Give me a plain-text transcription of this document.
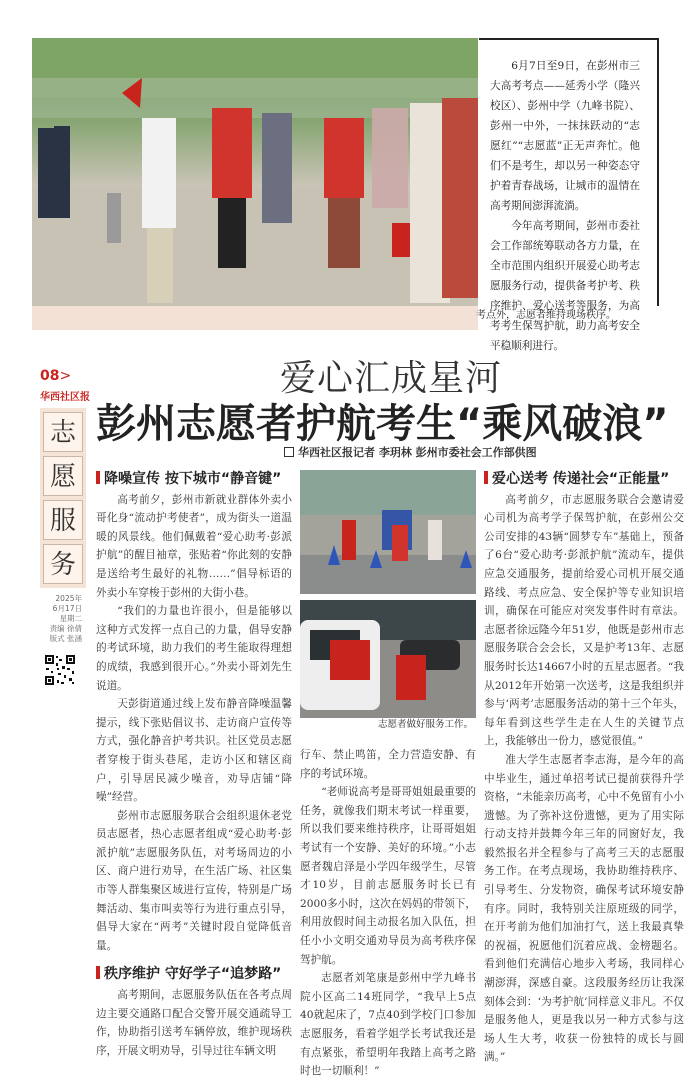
6月7日至9日，在彭州市三大高考考点——延秀小学（隆兴校区）、彭州中学（九峰书院）、彭州一中外，一抹抹跃动的“志愿红”“志愿蓝”正无声奔忙。他们不是考生，却以另一种姿态守护着青春战场，让城市的温情在高考期间澎湃流淌。

今年高考期间，彭州市委社会工作部统筹联动各方力量，在全市范围内组织开展爱心助考志愿服务行动，提供备考护考、秩序维护、爱心送考等服务，为高考考生保驾护航，助力高考安全平稳顺利进行。

考点外，志愿者维持现场秩序。
08>
华西社区报
志
愿
服
务
2025年
6月17日
星期二
责编 徐倩
版式 张涵
爱心汇成星河
彭州志愿者护航考生“乘风破浪”
华西社区报记者 李玥林 彭州市委社会工作部供图
降噪宣传 按下城市“静音键”

高考前夕，彭州市新就业群体外卖小哥化身“流动护考使者”，成为街头一道温暖的风景线。他们佩戴着“爱心助考·彭派护航”的醒目袖章，张贴着“你此刻的安静是送给考生最好的礼物……”倡导标语的外卖小车穿梭于彭州的大街小巷。

“我们的力量也许很小，但是能够以这种方式发挥一点自己的力量，倡导安静的考试环境，助力我们的考生能取得理想的成绩，我感到很开心。”外卖小哥刘先生说道。

天彭街道通过线上发布静音降噪温馨提示，线下张贴倡议书、走访商户宣传等方式，强化静音护考共识。社区党员志愿者穿梭于街头巷尾，走访小区和辖区商户，引导居民减少噪音，劝导店铺“降噪”经营。

彭州市志愿服务联合会组织退休老党员志愿者，热心志愿者组成“爱心助考·彭派护航”志愿服务队伍，对考场周边的小区、商户进行劝导，在生活广场、社区集市等人群集聚区域进行宣传，特别是广场舞活动、集市叫卖等行为进行重点引导，倡导大家在“两考”关键时段自觉降低音量。

秩序维护 守好学子“追梦路”

高考期间，志愿服务队伍在各考点周边主要交通路口配合交警开展交通疏导工作，协助指引送考车辆停放，维护现场秩序，开展文明劝导，引导过往车辆文明

志愿者做好服务工作。

行车、禁止鸣笛，全力营造安静、有序的考试环境。

“老师说高考是哥哥姐姐最重要的任务，就像我们期末考试一样重要，所以我们要来维持秩序，让哥哥姐姐考试有一个安静、美好的环境。”小志愿者魏启泽是小学四年级学生，尽管才10岁，目前志愿服务时长已有2000多小时，这次在妈妈的带领下，利用放假时间主动报名加入队伍，担任小小文明交通劝导员为高考秩序保驾护航。

志愿者刘笔康是彭州中学九峰书院小区高二14班同学，“我早上5点40就起床了，7点40到学校门口参加志愿服务，看着学姐学长考试我还是有点紧张，希望明年我踏上高考之路时也一切顺利！”

爱心送考 传递社会“正能量”

高考前夕，市志愿服务联合会邀请爱心司机为高考学子保驾护航，在彭州公交公司安排的43辆“圆梦专车”基础上，预备了6台“爱心助考·彭派护航”流动车，提供应急交通服务，提前给爱心司机开展交通路线、考点应急、安全保护等专业知识培训，确保在可能应对突发事件时有章法。志愿者徐远隆今年51岁，他既是彭州市志愿服务联合会会长，又是护考13年、志愿服务时长达14667小时的五星志愿者。“我从2012年开始第一次送考，这是我组织并参与‘两考’志愿服务活动的第十三个年头，每年看到这些学生走在人生的关键节点上，我能够出一份力，感觉很值。”

准大学生志愿者李志海，是今年的高中毕业生，通过单招考试已提前获得升学资格，“未能亲历高考，心中不免留有小小遗憾。为了弥补这份遗憾，更为了用实际行动支持并鼓舞今年三年的同窗好友，我毅然报名并全程参与了高考三天的志愿服务工作。在考点现场，我协助维持秩序、引导考生、分发物资，确保考试环境安静有序。同时，我特别关注原班级的同学，在开考前为他们加油打气，送上我最真挚的祝福，祝愿他们沉着应战、金榜题名。看到他们充满信心地步入考场，我同样心潮澎湃，深感自豪。这段服务经历让我深刻体会到：‘为考护航’同样意义非凡。不仅是服务他人，更是我以另一种方式参与这场人生大考，收获一份独特的成长与圆满。”
